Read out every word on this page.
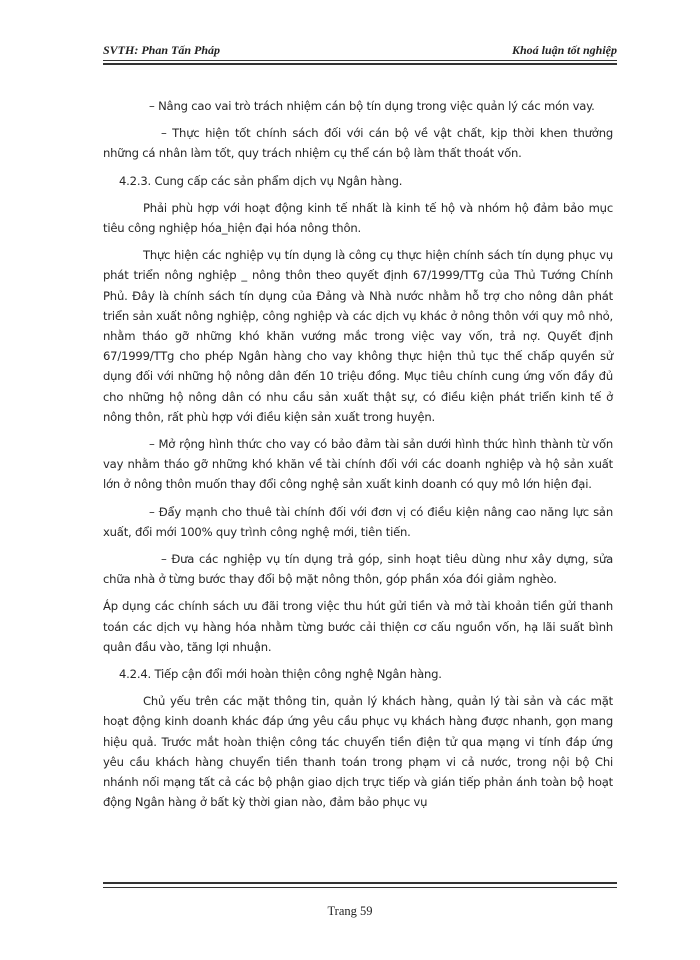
SVTH: Phan Tấn Pháp	Khoá luận tốt nghiệp

– Nâng cao vai trò trách nhiệm cán bộ tín dụng trong việc quản lý các món vay.

– Thực hiện tốt chính sách đối với cán bộ về vật chất, kịp thời khen thưởng những cá nhân làm tốt, quy trách nhiệm cụ thể cán bộ làm thất thoát vốn.

4.2.3. Cung cấp các sản phẩm dịch vụ Ngân hàng.

Phải phù hợp với hoạt động kinh tế nhất là kinh tế hộ và nhóm hộ đảm bảo mục tiêu công nghiệp hóa_hiện đại hóa nông thôn.

Thực hiện các nghiệp vụ tín dụng là công cụ thực hiện chính sách tín dụng phục vụ phát triển nông nghiệp _ nông thôn theo quyết định 67/1999/TTg của Thủ Tướng Chính Phủ. Đây là chính sách tín dụng của Đảng và Nhà nước nhằm hỗ trợ cho nông dân phát triển sản xuất nông nghiệp, công nghiệp và các dịch vụ khác ở nông thôn với quy mô nhỏ, nhằm tháo gỡ những khó khăn vướng mắc trong việc vay vốn, trả nợ. Quyết định 67/1999/TTg cho phép Ngân hàng cho vay không thực hiện thủ tục thế chấp quyền sử dụng đối với những hộ nông dân đến 10 triệu đồng. Mục tiêu chính cung ứng vốn đầy đủ cho những hộ nông dân có nhu cầu sản xuất thật sự, có điều kiện phát triển kinh tế ở nông thôn, rất phù hợp với điều kiện sản xuất trong huyện.

– Mở rộng hình thức cho vay có bảo đảm tài sản dưới hình thức hình thành từ vốn vay nhằm tháo gỡ những khó khăn về tài chính đối với các doanh nghiệp và hộ sản xuất lớn ở nông thôn muốn thay đổi công nghệ sản xuất kinh doanh có quy mô lớn hiện đại.

– Đẩy mạnh cho thuê tài chính đối với đơn vị có điều kiện nâng cao năng lực sản xuất, đổi mới 100% quy trình công nghệ mới, tiên tiến.

– Đưa các nghiệp vụ tín dụng trả góp, sinh hoạt tiêu dùng như xây dựng, sửa chữa nhà ở từng bước thay đổi bộ mặt nông thôn, góp phần xóa đói giảm nghèo.

Áp dụng các chính sách ưu đãi trong việc thu hút gửi tiền và mở tài khoản tiền gửi thanh toán các dịch vụ hàng hóa nhằm từng bước cải thiện cơ cấu nguồn vốn, hạ lãi suất bình quân đầu vào, tăng lợi nhuận.

4.2.4. Tiếp cận đổi mới hoàn thiện công nghệ Ngân hàng.

Chủ yếu trên các mặt thông tin, quản lý khách hàng, quản lý tài sản và các mặt hoạt động kinh doanh khác đáp ứng yêu cầu phục vụ khách hàng được nhanh, gọn mang hiệu quả. Trước mắt hoàn thiện công tác chuyển tiền điện tử qua mạng vi tính đáp ứng yêu cầu khách hàng chuyển tiền thanh toán trong phạm vi cả nước, trong nội bộ Chi nhánh nối mạng tất cả các bộ phận giao dịch trực tiếp và gián tiếp phản ánh toàn bộ hoạt động Ngân hàng ở bất kỳ thời gian nào, đảm bảo phục vụ

Trang 59
